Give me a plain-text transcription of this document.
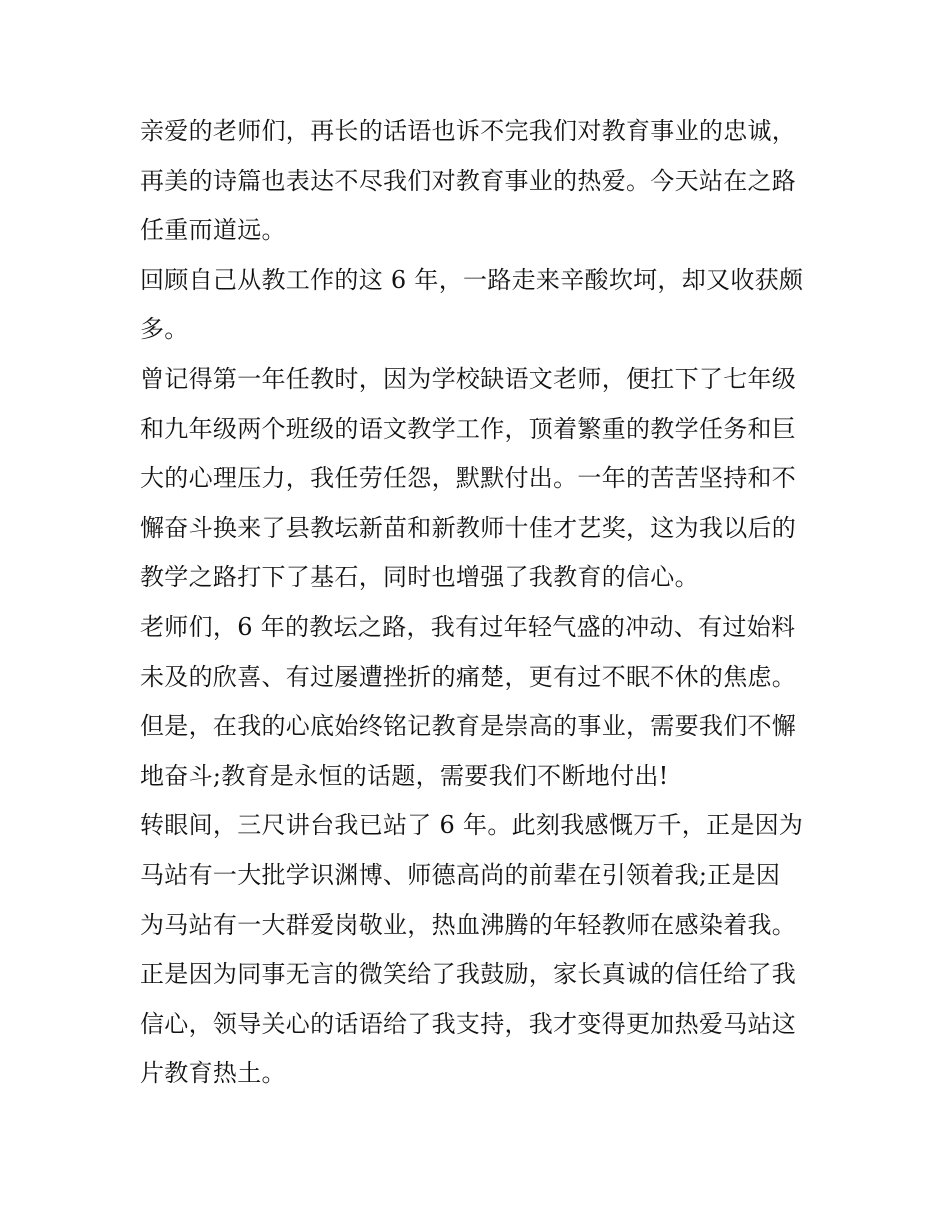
亲爱的老师们，再长的话语也诉不完我们对教育事业的忠诚，
再美的诗篇也表达不尽我们对教育事业的热爱。今天站在之路
任重而道远。
回顾自己从教工作的这 6 年，一路走来辛酸坎坷，却又收获颇
多。
曾记得第一年任教时，因为学校缺语文老师，便扛下了七年级
和九年级两个班级的语文教学工作，顶着繁重的教学任务和巨
大的心理压力，我任劳任怨，默默付出。一年的苦苦坚持和不
懈奋斗换来了县教坛新苗和新教师十佳才艺奖，这为我以后的
教学之路打下了基石，同时也增强了我教育的信心。
老师们，6 年的教坛之路，我有过年轻气盛的冲动、有过始料
未及的欣喜、有过屡遭挫折的痛楚，更有过不眠不休的焦虑。
但是，在我的心底始终铭记教育是崇高的事业，需要我们不懈
地奋斗;教育是永恒的话题，需要我们不断地付出!
转眼间，三尺讲台我已站了 6 年。此刻我感慨万千，正是因为
马站有一大批学识渊博、师德高尚的前辈在引领着我;正是因
为马站有一大群爱岗敬业，热血沸腾的年轻教师在感染着我。
正是因为同事无言的微笑给了我鼓励，家长真诚的信任给了我
信心，领导关心的话语给了我支持，我才变得更加热爱马站这
片教育热土。
